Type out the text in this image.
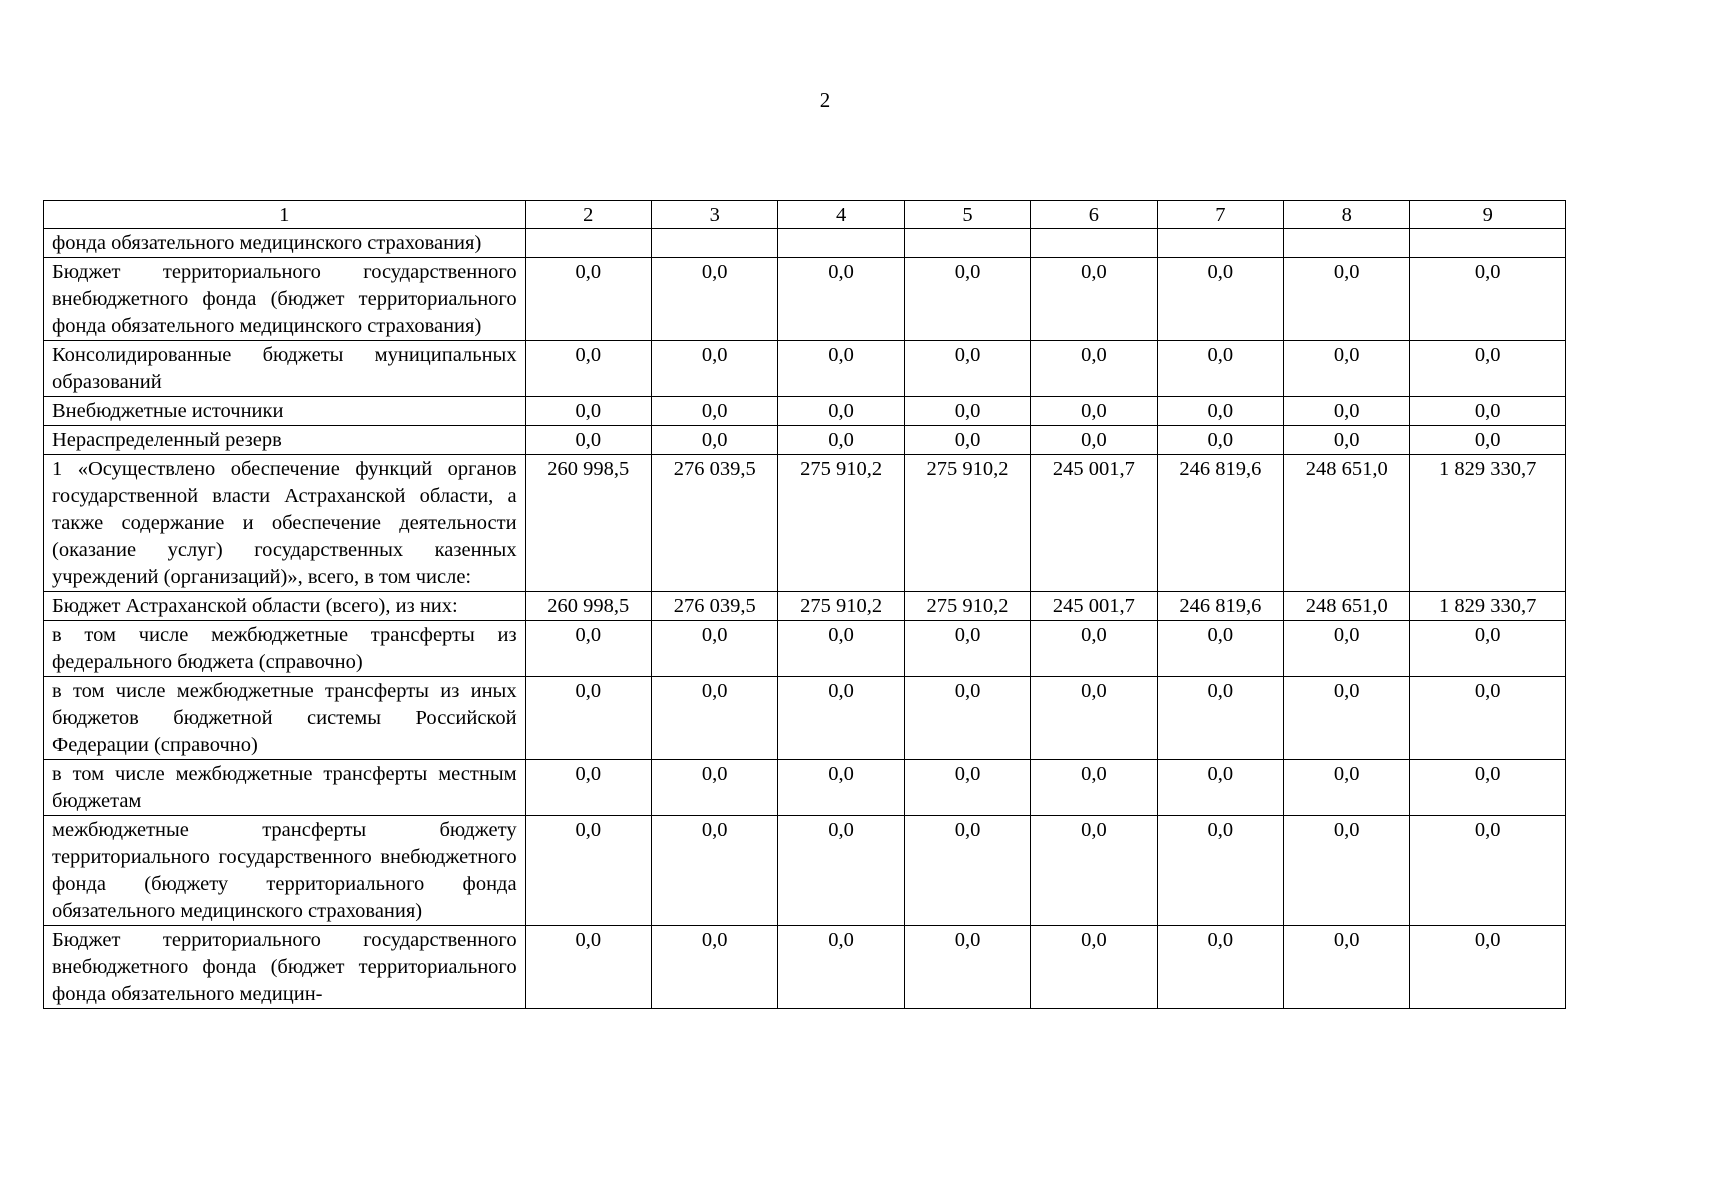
2
1	2	3	4	5	6	7	8	9
фонда обязательного медицинского страхования)								
Бюджет территориального государственного внебюджетного фонда (бюджет территориального фонда обязательного медицинского страхования)	0,0	0,0	0,0	0,0	0,0	0,0	0,0	0,0
Консолидированные бюджеты муниципальных образований	0,0	0,0	0,0	0,0	0,0	0,0	0,0	0,0
Внебюджетные источники	0,0	0,0	0,0	0,0	0,0	0,0	0,0	0,0
Нераспределенный резерв	0,0	0,0	0,0	0,0	0,0	0,0	0,0	0,0
1 «Осуществлено обеспечение функций органов государственной власти Астраханской области, а также содержание и обеспечение деятельности (оказание услуг) государственных казенных учреждений (организаций)», всего, в том числе:	260 998,5	276 039,5	275 910,2	275 910,2	245 001,7	246 819,6	248 651,0	1 829 330,7
Бюджет Астраханской области (всего), из них:	260 998,5	276 039,5	275 910,2	275 910,2	245 001,7	246 819,6	248 651,0	1 829 330,7
в том числе межбюджетные трансферты из федерального бюджета (справочно)	0,0	0,0	0,0	0,0	0,0	0,0	0,0	0,0
в том числе межбюджетные трансферты из иных бюджетов бюджетной системы Российской Федерации (справочно)	0,0	0,0	0,0	0,0	0,0	0,0	0,0	0,0
в том числе межбюджетные трансферты местным бюджетам	0,0	0,0	0,0	0,0	0,0	0,0	0,0	0,0
межбюджетные трансферты бюджету территориального государственного внебюджетного фонда (бюджету территориального фонда обязательного медицинского страхования)	0,0	0,0	0,0	0,0	0,0	0,0	0,0	0,0
Бюджет территориального государственного внебюджетного фонда (бюджет территориального фонда обязательного медицин-	0,0	0,0	0,0	0,0	0,0	0,0	0,0	0,0
